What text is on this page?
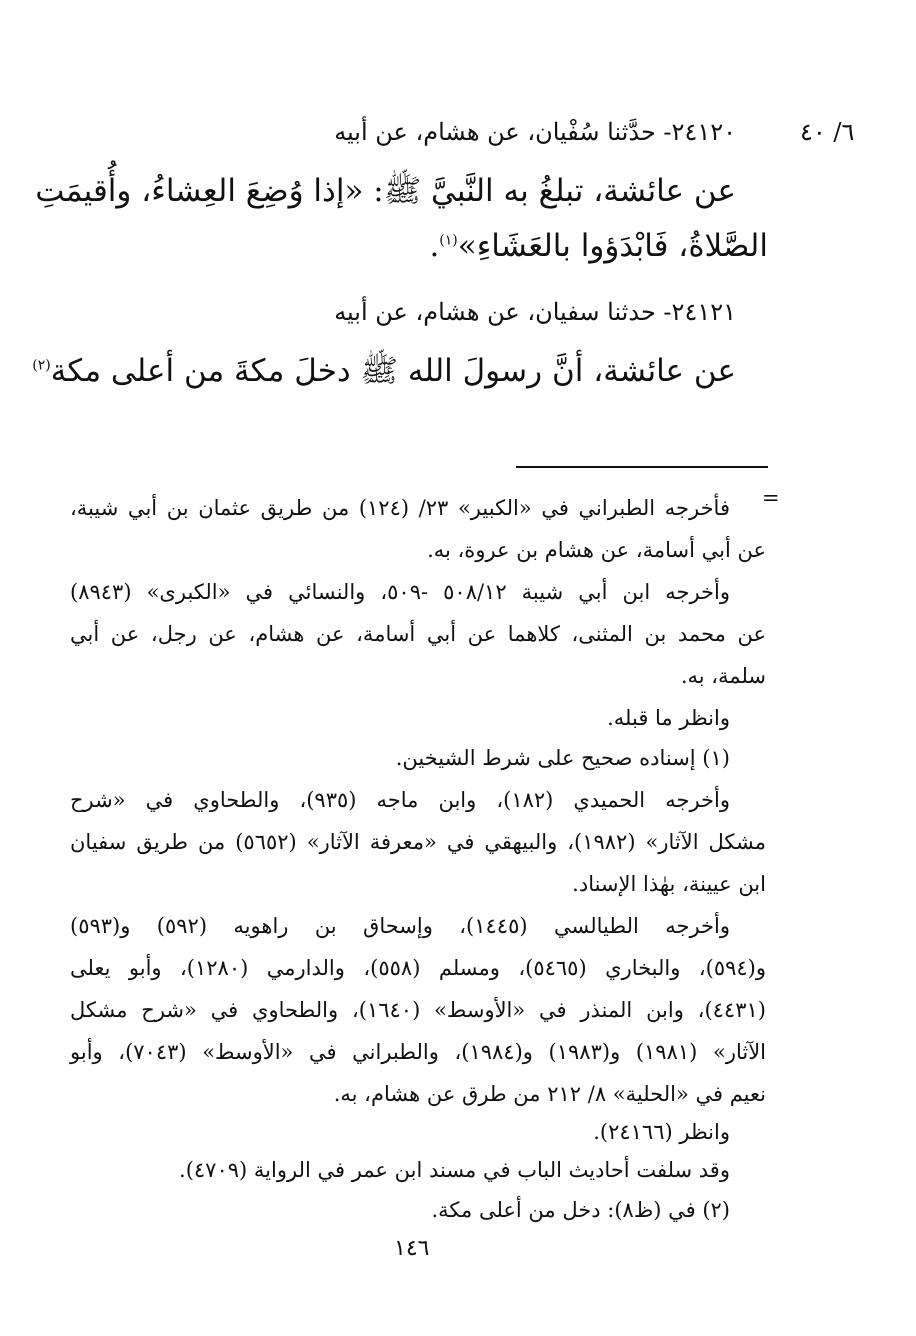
٦/ ٤٠
٢٤١٢٠- حدَّثنا سُفْيان، عن هشام، عن أبيه
عن عائشة، تبلغُ به النَّبيَّ ﷺ: «إذا وُضِعَ العِشاءُ، وأُقيمَتِ
الصَّلاةُ، فَابْدَؤوا بالعَشَاءِ»$^{(١)}$.
٢٤١٢١- حدثنا سفيان، عن هشام، عن أبيه
عن عائشة، أنَّ رسولَ الله ﷺ دخلَ مكةَ من أعلى مكة$^{(٢)}$
=
فأخرجه الطبراني في «الكبير» ٢٣/ (١٢٤) من طريق عثمان بن أبي شيبة،
عن أبي أسامة، عن هشام بن عروة، به.
وأخرجه ابن أبي شيبة ٥٠٨/١٢ -٥٠٩، والنسائي في «الكبرى» (٨٩٤٣)
عن محمد بن المثنى، كلاهما عن أبي أسامة، عن هشام، عن رجل، عن أبي
سلمة، به.
وانظر ما قبله.
(١) إسناده صحيح على شرط الشيخين.
وأخرجه الحميدي (١٨٢)، وابن ماجه (٩٣٥)، والطحاوي في «شرح
مشكل الآثار» (١٩٨٢)، والبيهقي في «معرفة الآثار» (٥٦٥٢) من طريق سفيان
ابن عيينة، بهٰذا الإسناد.
وأخرجه الطيالسي (١٤٤٥)، وإسحاق بن راهويه (٥٩٢) و(٥٩٣)
و(٥٩٤)، والبخاري (٥٤٦٥)، ومسلم (٥٥٨)، والدارمي (١٢٨٠)، وأبو يعلى
(٤٤٣١)، وابن المنذر في «الأوسط» (١٦٤٠)، والطحاوي في «شرح مشكل
الآثار» (١٩٨١) و(١٩٨٣) و(١٩٨٤)، والطبراني في «الأوسط» (٧٠٤٣)، وأبو
نعيم في «الحلية» ٨/ ٢١٢ من طرق عن هشام، به.
وانظر (٢٤١٦٦).
وقد سلفت أحاديث الباب في مسند ابن عمر في الرواية (٤٧٠٩).
(٢) في (ظ٨): دخل من أعلى مكة.
١٤٦
